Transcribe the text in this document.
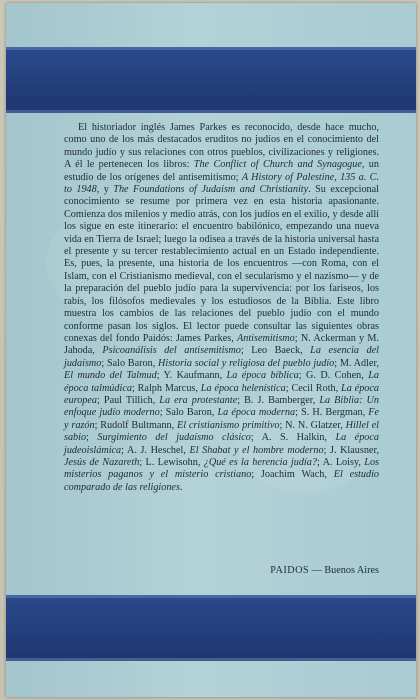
El historiador inglés James Parkes es reconocido, desde hace mucho, como uno de los más destacados eruditos no judíos en el conocimiento del mundo judío y sus relaciones con otros pueblos, civilizaciones y religiones. A él le pertenecen los libros: The Conflict of Church and Synagogue, un estudio de los orígenes del antisemitismo; A History of Palestine, 135 a. C. to 1948, y The Foundations of Judaism and Christianity. Su excepcional conocimiento se resume por primera vez en esta historia apasionante. Comienza dos milenios y medio atrás, con los judíos en el exilio, y desde allí los sigue en este itinerario: el encuentro babilónico, empezando una nueva vida en Tierra de Israel; luego la odisea a través de la historia universal hasta el presente y su tercer restablecimiento actual en un Estado independiente. Es, pues, la presente, una historia de los encuentros —con Roma, con el Islam, con el Cristianismo medieval, con el secularismo y el nazismo— y de la preparación del pueblo judío para la supervivencia: por los fariseos, los rabís, los filósofos medievales y los estudiosos de la Biblia. Este libro muestra los cambios de las relaciones del pueblo judío con el mundo conforme pasan los siglos. El lector puede consultar las siguientes obras conexas del fondo Paidós: James Parkes, Antisemitismo; N. Ackerman y M. Jahoda, Psicoanálisis del antisemitismo; Leo Baeck, La esencia del judaísmo; Salo Baron, Historia social y religiosa del pueblo judío; M. Adler, El mundo del Talmud; Y. Kaufmann, La época bíblica; G. D. Cohen, La época talmúdica; Ralph Marcus, La época helenística; Cecil Roth, La época europea; Paul Tillich, La era protestante; B. J. Bamberger, La Biblia: Un enfoque judío moderno; Salo Baron, La época moderna; S. H. Bergman, Fe y razón; Rudolf Bultmann, El cristianismo primitivo; N. N. Glatzer, Hillel el sabio; Surgimiento del judaísmo clásico; A. S. Halkin, La época judeoislámica; A. J. Heschel, El Shabat y el hombre moderno; J. Klausner, Jesús de Nazareth; L. Lewisohn, ¿Qué es la herencia judía?; A. Loisy, Los misterios paganos y el misterio cristiano; Joachim Wach, El estudio comparado de las religiones.

PAIDOS — Buenos Aires
